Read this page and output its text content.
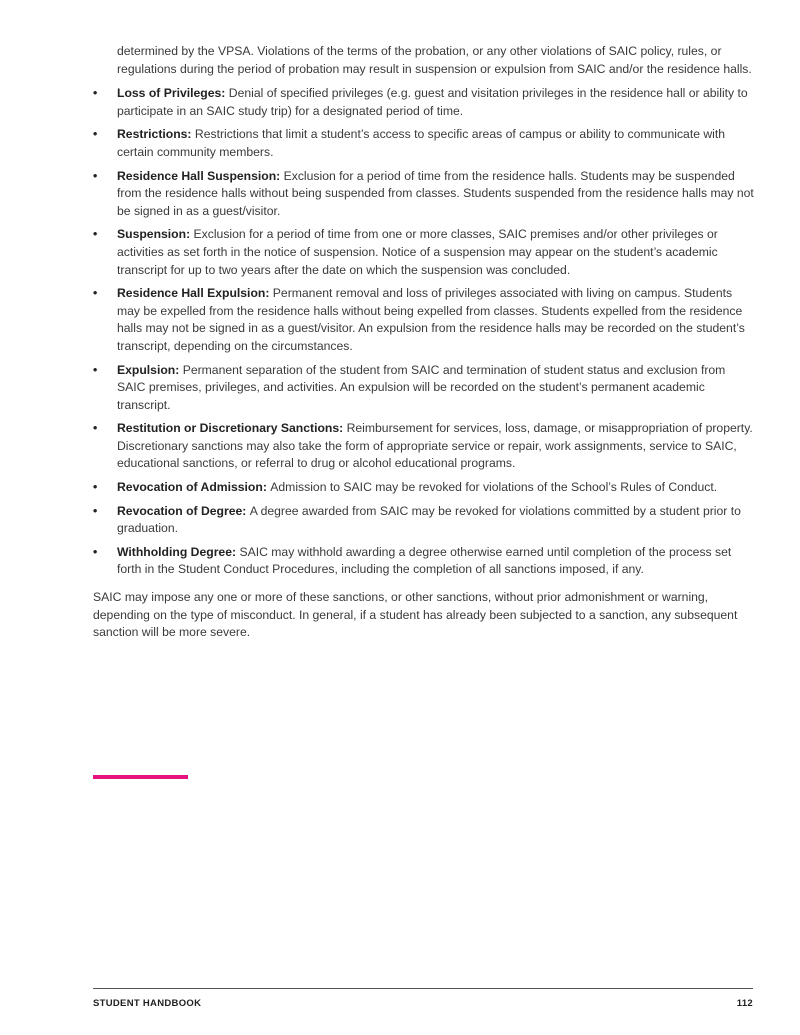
determined by the VPSA. Violations of the terms of the probation, or any other violations of SAIC policy, rules, or regulations during the period of probation may result in suspension or expulsion from SAIC and/or the residence halls.

• Loss of Privileges: Denial of specified privileges (e.g. guest and visitation privileges in the residence hall or ability to participate in an SAIC study trip) for a designated period of time.
• Restrictions: Restrictions that limit a student’s access to specific areas of campus or ability to communicate with certain community members.
• Residence Hall Suspension: Exclusion for a period of time from the residence halls. Students may be suspended from the residence halls without being suspended from classes. Students suspended from the residence halls may not be signed in as a guest/visitor.
• Suspension: Exclusion for a period of time from one or more classes, SAIC premises and/or other privileges or activities as set forth in the notice of suspension. Notice of a suspension may appear on the student’s academic transcript for up to two years after the date on which the suspension was concluded.
• Residence Hall Expulsion: Permanent removal and loss of privileges associated with living on campus. Students may be expelled from the residence halls without being expelled from classes. Students expelled from the residence halls may not be signed in as a guest/visitor. An expulsion from the residence halls may be recorded on the student’s transcript, depending on the circumstances.
• Expulsion: Permanent separation of the student from SAIC and termination of student status and exclusion from SAIC premises, privileges, and activities. An expulsion will be recorded on the student’s permanent academic transcript.
• Restitution or Discretionary Sanctions: Reimbursement for services, loss, damage, or misappropriation of property. Discretionary sanctions may also take the form of appropriate service or repair, work assignments, service to SAIC, educational sanctions, or referral to drug or alcohol educational programs.
• Revocation of Admission: Admission to SAIC may be revoked for violations of the School’s Rules of Conduct.
• Revocation of Degree: A degree awarded from SAIC may be revoked for violations committed by a student prior to graduation.
• Withholding Degree: SAIC may withhold awarding a degree otherwise earned until completion of the process set forth in the Student Conduct Procedures, including the completion of all sanctions imposed, if any.

SAIC may impose any one or more of these sanctions, or other sanctions, without prior admonishment or warning, depending on the type of misconduct. In general, if a student has already been subjected to a sanction, any subsequent sanction will be more severe.

STUDENT HANDBOOK	112
